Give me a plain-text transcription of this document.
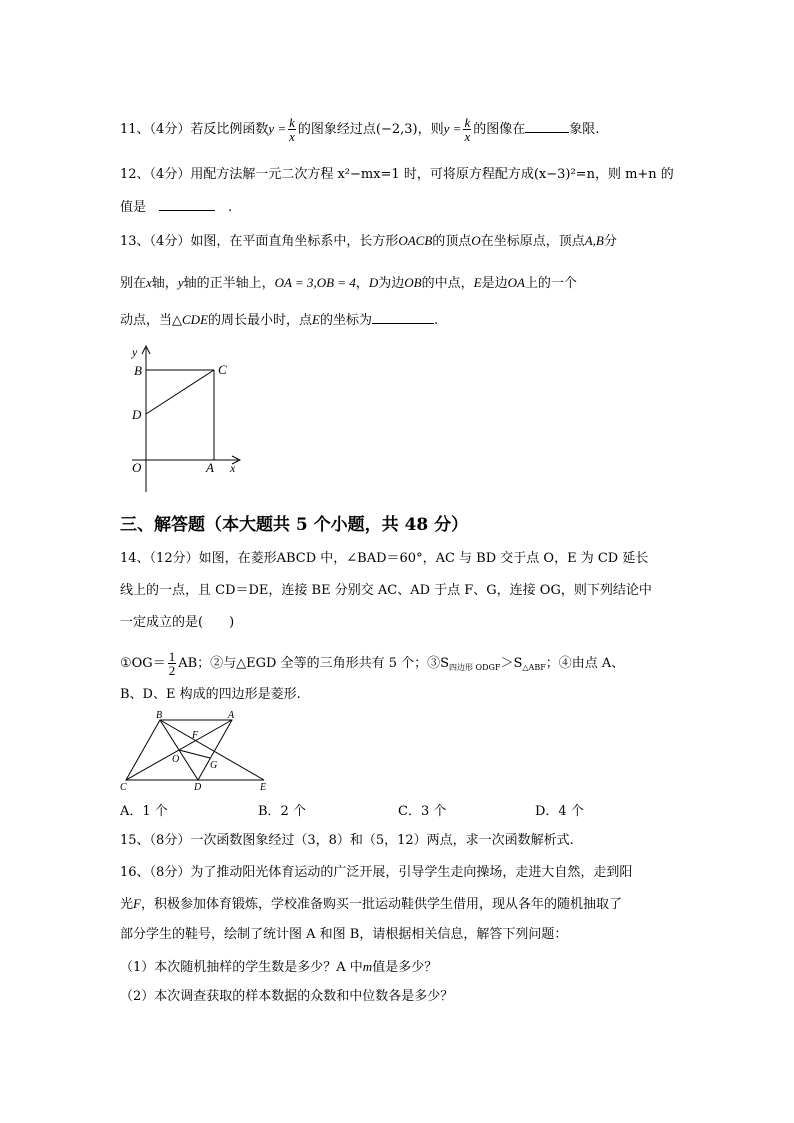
11、（4分）若反比例函数$y = \frac{k}{x}$ 的图象经过点(−2,3)，则$y = \frac{k}{x}$ 的图像在	象限.
12、（4分）用配方法解一元二次方程 x²−mx=1 时，可将原方程配方成(x−3)²=n，则 m+n 的
值是　　	.
13、（4分）如图，在平面直角坐标系中，长方形OACB的顶点O在坐标原点，顶点A,B分
别在x轴，y轴的正半轴上，OA = 3,OB = 4，D为边OB的中点，E是边OA上的一个
动点，当△CDE的周长最小时，点E的坐标为	.
y
x
B	C
D
O	A
三、解答题（本大题共 5 个小题，共 48 分）
14、（12分）如图，在菱形ABCD 中，∠BAD＝60°，AC 与 BD 交于点 O，E 为 CD 延长
线上的一点，且 CD＝DE，连接 BE 分别交 AC、AD 于点 F、G，连接 OG，则下列结论中
一定成立的是(　　)
①OG＝ $\frac{1}{2}$ AB；②与△EGD 全等的三角形共有 5 个；$③S_{四边形 ODGF}>S_{\triangle ABF}$；④由点 A、
B、D、E 构成的四边形是菱形.
B	A
F
O
G
C	D	E
A．1 个	B．2 个	C．3 个	D．4 个
15、（8分）一次函数图象经过（3，8）和（5，12）两点，求一次函数解析式.
16、（8分）为了推动阳光体育运动的广泛开展，引导学生走向操场，走进大自然，走到阳
光F，积极参加体育锻炼，学校准备购买一批运动鞋供学生借用，现从各年的随机抽取了
部分学生的鞋号，绘制了统计图 A 和图 B，请根据相关信息，解答下列问题：
（1）本次随机抽样的学生数是多少？A 中m值是多少？
（2）本次调查获取的样本数据的众数和中位数各是多少？
